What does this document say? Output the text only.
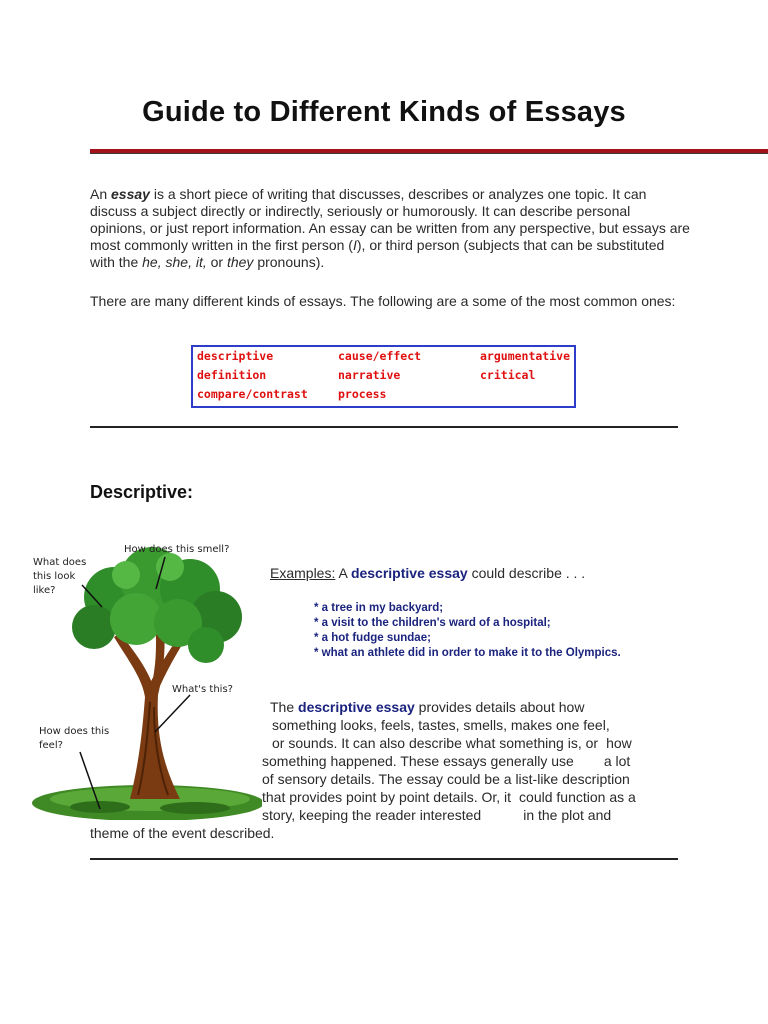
Guide to Different Kinds of Essays
An essay is a short piece of writing that discusses, describes or analyzes one topic. It can discuss a subject directly or indirectly, seriously or humorously. It can describe personal opinions, or just report information. An essay can be written from any perspective, but essays are most commonly written in the first person (I), or third person (subjects that can be substituted with the he, she, it, or they pronouns).
There are many different kinds of essays. The following are a some of the most common ones:
descriptive
definition
compare/contrast
cause/effect
narrative
process
argumentative
critical
Descriptive:
How does this smell?
What does
this look
like?
What's this?
How does this
feel?
Examples: A descriptive essay could describe . . .
* a tree in my backyard;
* a visit to the children's ward of a hospital;
* a hot fudge sundae;
* what an athlete did in order to make it to the Olympics.
The descriptive essay provides details about how
something looks, feels, tastes, smells, makes one feel,
or sounds. It can also describe what something is, or how
something happened. These essays generally use a lot
of sensory details. The essay could be a list-like description
that provides point by point details. Or, it could function as a
story, keeping the reader interested	in the plot and
theme of the event described.
